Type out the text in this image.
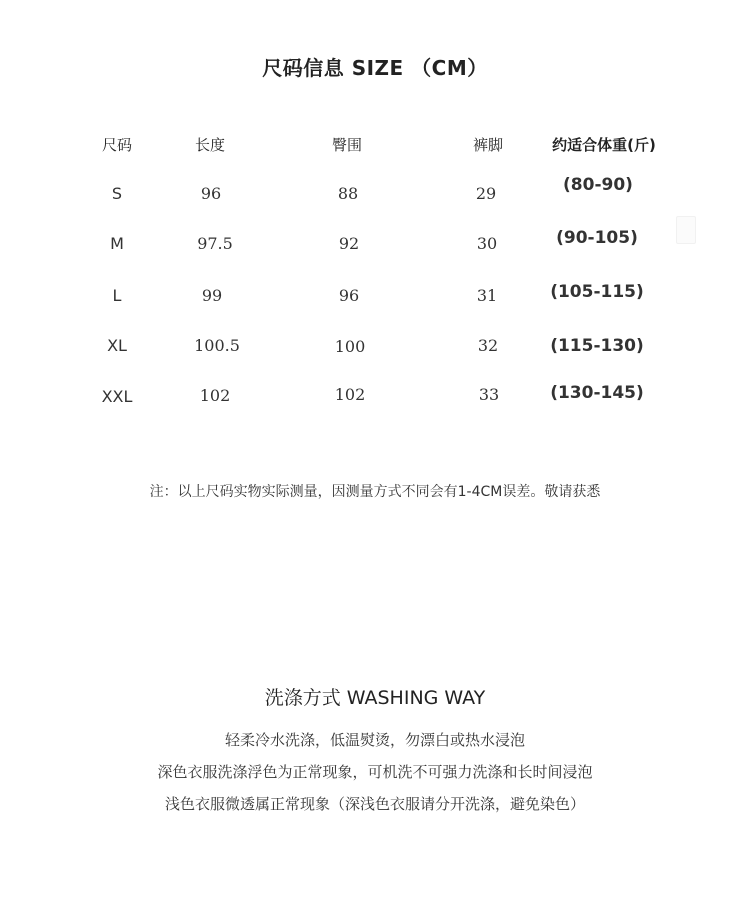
尺码信息 SIZE （CM）
尺码	长度	臀围	裤脚	约适合体重(斤)
S	96	88	29	(80-90)
M	97.5	92	30	(90-105)
L	99	96	31	(105-115)
XL	100.5	100	32	(115-130)
XXL	102	102	33	(130-145)
注：以上尺码实物实际测量，因测量方式不同会有1-4CM误差。敬请获悉
洗涤方式 WASHING WAY
轻柔冷水洗涤，低温熨烫，勿漂白或热水浸泡
深色衣服洗涤浮色为正常现象，可机洗不可强力洗涤和长时间浸泡
浅色衣服微透属正常现象（深浅色衣服请分开洗涤，避免染色）
